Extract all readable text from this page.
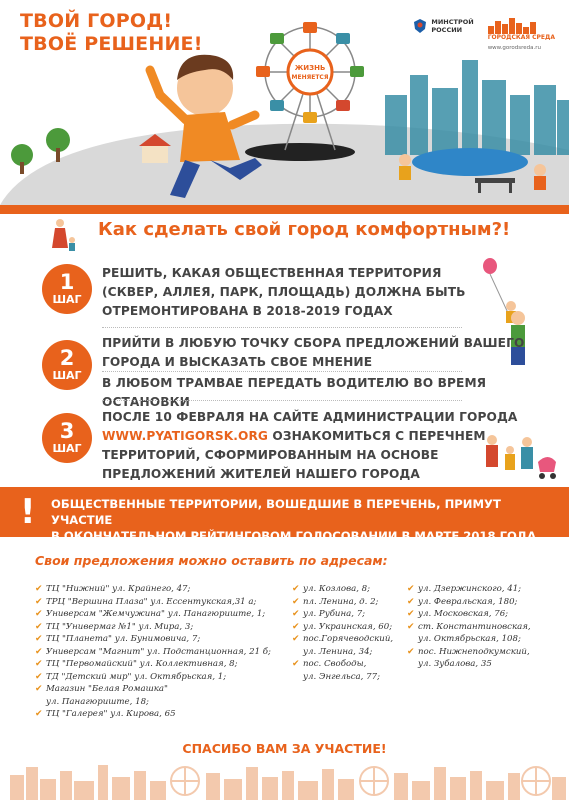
ТВОЙ ГОРОД!
ТВОЁ РЕШЕНИЕ!
ЖИЗНЬ
МЕНЯЕТСЯ
МИНСТРОЙ
РОССИИ
ГОРОДСКАЯ СРЕДА
www.gorodsreda.ru
Как сделать свой город комфортным?!
1
ШАГ
РЕШИТЬ, КАКАЯ ОБЩЕСТВЕННАЯ ТЕРРИТОРИЯ
(СКВЕР, АЛЛЕЯ, ПАРК, ПЛОЩАДЬ) ДОЛЖНА БЫТЬ
ОТРЕМОНТИРОВАНА В 2018-2019 ГОДАХ
2
ШАГ
ПРИЙТИ В ЛЮБУЮ ТОЧКУ СБОРА ПРЕДЛОЖЕНИЙ ВАШЕГО
ГОРОДА И ВЫСКАЗАТЬ СВОЕ МНЕНИЕ
В ЛЮБОМ ТРАМВАЕ ПЕРЕДАТЬ ВОДИТЕЛЮ ВО ВРЕМЯ ОСТАНОВКИ
3
ШАГ
ПОСЛЕ 10 ФЕВРАЛЯ НА САЙТЕ АДМИНИСТРАЦИИ ГОРОДА
WWW.PYATIGORSK.ORG ОЗНАКОМИТЬСЯ С ПЕРЕЧНЕМ
ТЕРРИТОРИЙ, СФОРМИРОВАННЫМ НА ОСНОВЕ
ПРЕДЛОЖЕНИЙ ЖИТЕЛЕЙ НАШЕГО ГОРОДА
! ОБЩЕСТВЕННЫЕ ТЕРРИТОРИИ, ВОШЕДШИЕ В ПЕРЕЧЕНЬ, ПРИМУТ УЧАСТИЕ
В ОКОНЧАТЕЛЬНОМ РЕЙТИНГОВОМ ГОЛОСОВАНИИ В МАРТЕ 2018 ГОДА.
Свои предложения можно оставить по адресам:
✔ ТЦ "Нижний" ул. Крайнего, 47;
✔ ТРЦ "Вершина Плаза" ул. Ессентукская,31 а;
✔ Универсам "Жемчужина" ул. Панагюриште, 1;
✔ ТЦ "Универмаг №1" ул. Мира, 3;
✔ ТЦ "Планета" ул. Бунимовича, 7;
✔ Универсам "Магнит" ул. Подстанционная, 21 б;
✔ ТЦ "Первомайский" ул. Коллективная, 8;
✔ ТД "Детский мир" ул. Октябрьская, 1;
✔ Магазин "Белая Ромашка"
ул. Панагюриште, 18;
✔ ТЦ "Галерея" ул. Кирова, 65
✔ ул. Козлова, 8;
✔ пл. Ленина, д. 2;
✔ ул. Рубина, 7;
✔ ул. Украинская, 60;
✔ пос.Горячеводский,
ул. Ленина, 34;
✔ пос. Свободы,
ул. Энгельса, 77;
✔ ул. Дзержинского, 41;
✔ ул. Февральская, 180;
✔ ул. Московская, 76;
✔ ст. Константиновская,
ул. Октябрьская, 108;
✔ пос. Нижнеподкумский,
ул. Зубалова, 35
СПАСИБО ВАМ ЗА УЧАСТИЕ!
